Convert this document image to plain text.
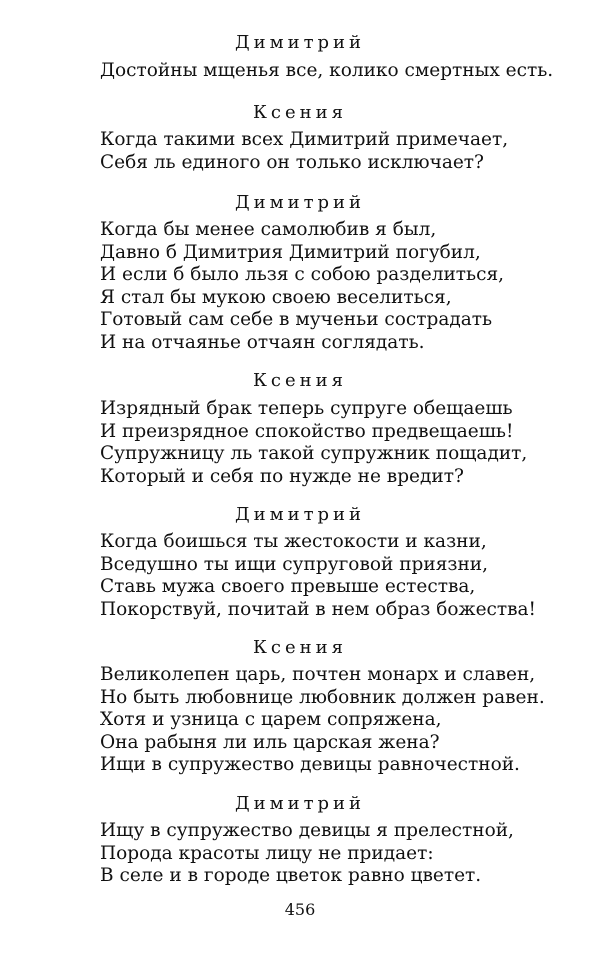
Димитрий
Достойны мщенья все, колико смертных есть.
Ксения
Когда такими всех Димитрий примечает,
Себя ль единого он только исключает?
Димитрий
Когда бы менее самолюбив я был,
Давно б Димитрия Димитрий погубил,
И если б было льзя с собою разделиться,
Я стал бы мукою своею веселиться,
Готовый сам себе в мученьи сострадать
И на отчаянье отчаян соглядать.
Ксения
Изрядный брак теперь супруге обещаешь
И преизрядное спокойство предвещаешь!
Супружницу ль такой супружник пощадит,
Который и себя по нужде не вредит?
Димитрий
Когда боишься ты жестокости и казни,
Вседушно ты ищи супруговой приязни,
Ставь мужа своего превыше естества,
Покорствуй, почитай в нем образ божества!
Ксения
Великолепен царь, почтен монарх и славен,
Но быть любовнице любовник должен равен.
Хотя и узница с царем сопряжена,
Она рабыня ли иль царская жена?
Ищи в супружество девицы равночестной.
Димитрий
Ищу в супружество девицы я прелестной,
Порода красоты лицу не придает:
В селе и в городе цветок равно цветет.
456
